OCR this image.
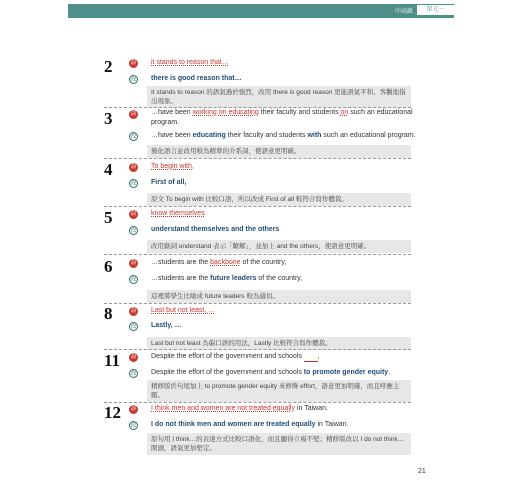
中高級	單元一
2	誤 it stands to reason that…
改 there is good reason that…
It stands to reason 的語氣過於強烈，改用 there is good reason 更能語氣平和、客觀地指出現象。
3	誤 …have been working on educating their faculty and students on such an educational program.
改 …have been educating their faculty and students with such an educational program.
簡化語言並改用較為精準的介系詞，使語意更明確。
4	誤 To begin with,
改 First of all,
原文 To begin with 比較口語，所以改成 First of all 較符合寫作體裁。
5	誤 know themselves
改 understand themselves and the others
改用動詞 understand 表示「瞭解」，並加上 and the others，使語意更明確。
6	誤 …students are the backbone of the country,
改 …students are the future leaders of the country,
這裡將學生比喻成 future leaders 較為適切。
8	誤 Last but not least, …
改 Lastly, …
Last but not least 為偏口語的用法，Lastly 比較符合寫作體裁。
11 誤 Despite the effort of the government and schools ,
改 Despite the effort of the government and schools to promote gender equity,
精修版於句尾加上 to promote gender equity 來修飾 effort，語意更加明確，而且呼應主題。
12 誤 I think men and women are not treated equally in Taiwan.
改 I do not think men and women are treated equally in Taiwan.
原句用 I think…的表達方式比較口語化，而且顯得立場不堅；精修版改以 I do not think…開頭，語氣更加堅定。
21
